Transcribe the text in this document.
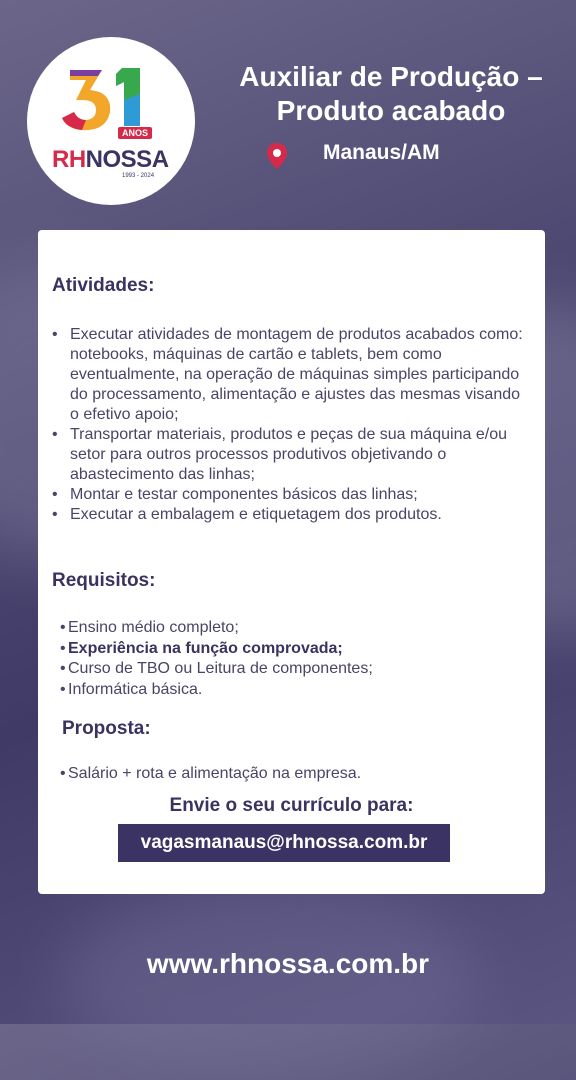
ANOS
RHNOSSA
1993 - 2024
Auxiliar de Produção –
Produto acabado
Manaus/AM
Atividades:
• Executar atividades de montagem de produtos acabados como: notebooks, máquinas de cartão e tablets, bem como eventualmente, na operação de máquinas simples participando do processamento, alimentação e ajustes das mesmas visando o efetivo apoio;
• Transportar materiais, produtos e peças de sua máquina e/ou setor para outros processos produtivos objetivando o abastecimento das linhas;
• Montar e testar componentes básicos das linhas;
• Executar a embalagem e etiquetagem dos produtos.
Requisitos:
• Ensino médio completo;
• Experiência na função comprovada;
• Curso de TBO ou Leitura de componentes;
• Informática básica.
Proposta:
• Salário + rota e alimentação na empresa.
Envie o seu currículo para:
vagasmanaus@rhnossa.com.br
www.rhnossa.com.br
